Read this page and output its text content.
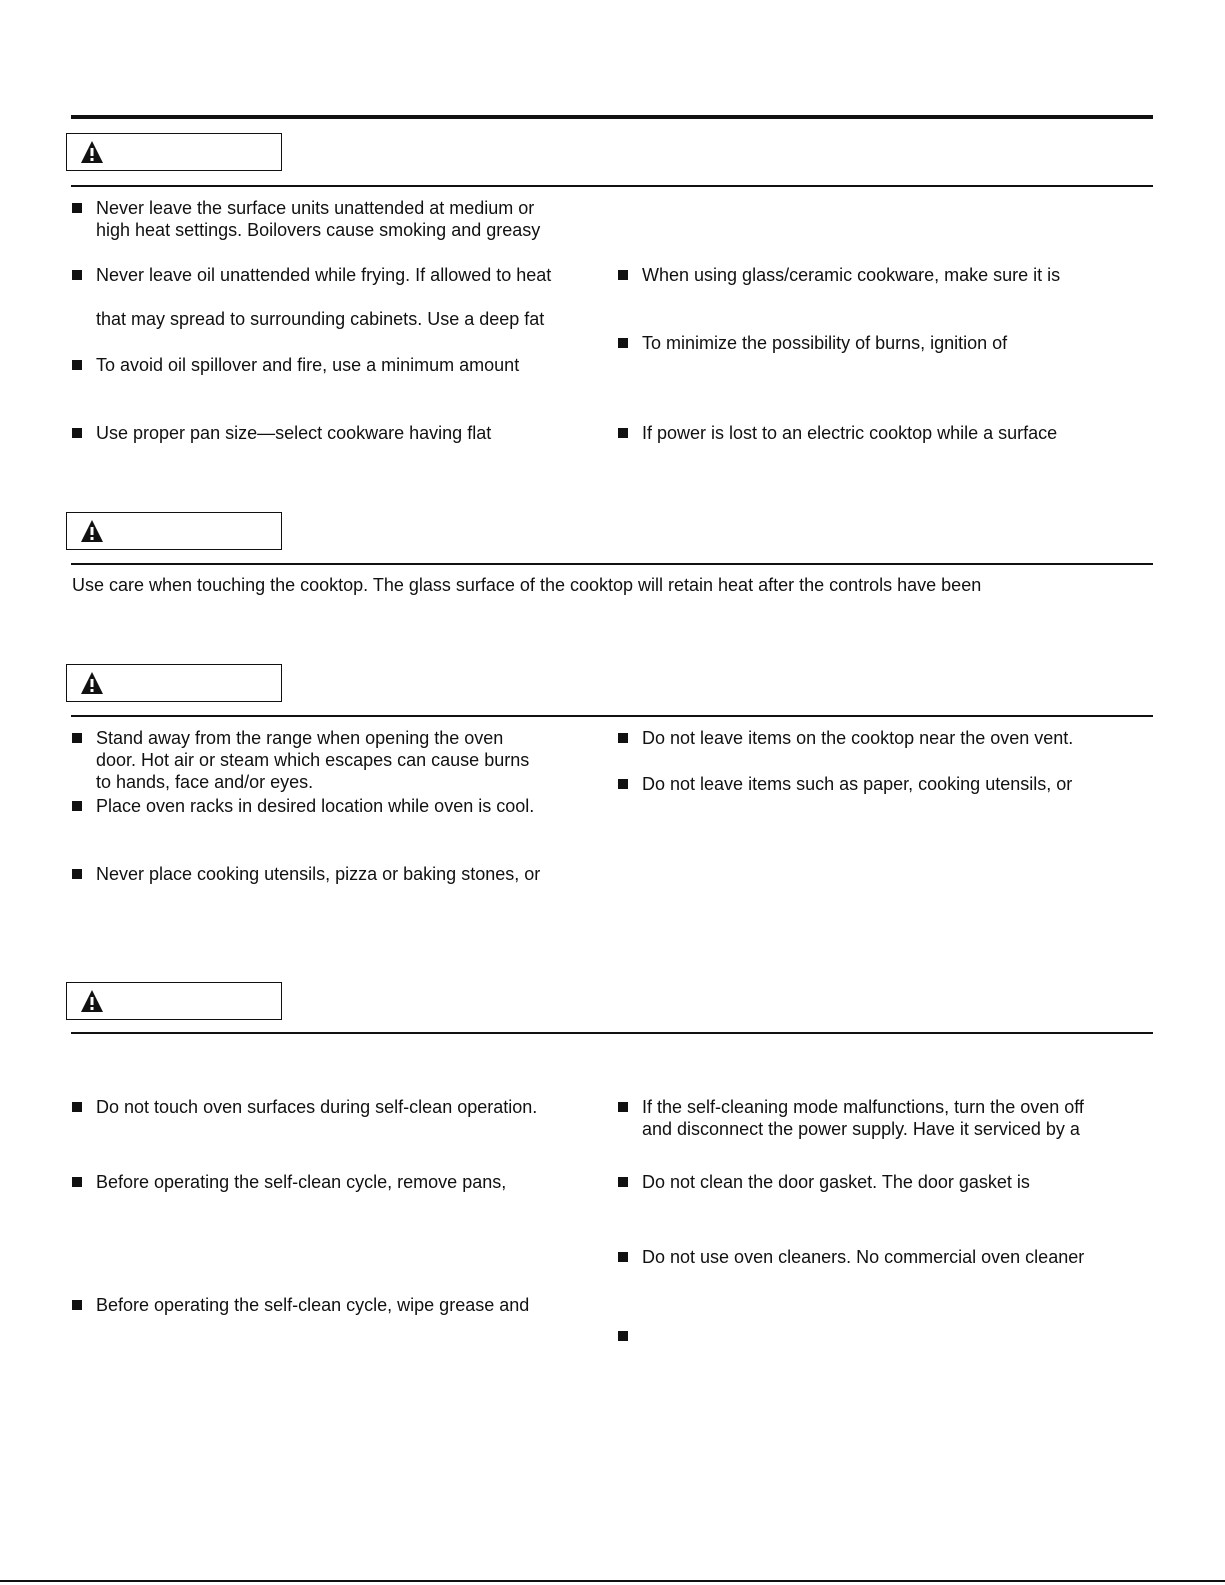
Never leave the surface units unattended at medium or
high heat settings. Boilovers cause smoking and greasy
Never leave oil unattended while frying. If allowed to heat
that may spread to surrounding cabinets. Use a deep fat
To avoid oil spillover and fire, use a minimum amount
Use proper pan size—select cookware having flat
When using glass/ceramic cookware, make sure it is
To minimize the possibility of burns, ignition of
If power is lost to an electric cooktop while a surface
Use care when touching the cooktop. The glass surface of the cooktop will retain heat after the controls have been
Stand away from the range when opening the oven
door. Hot air or steam which escapes can cause burns
to hands, face and/or eyes.
Place oven racks in desired location while oven is cool.
Never place cooking utensils, pizza or baking stones, or
Do not leave items on the cooktop near the oven vent.
Do not leave items such as paper, cooking utensils, or
Do not touch oven surfaces during self-clean operation.
Before operating the self-clean cycle, remove pans,
Before operating the self-clean cycle, wipe grease and
If the self-cleaning mode malfunctions, turn the oven off
and disconnect the power supply. Have it serviced by a
Do not clean the door gasket. The door gasket is
Do not use oven cleaners. No commercial oven cleaner
